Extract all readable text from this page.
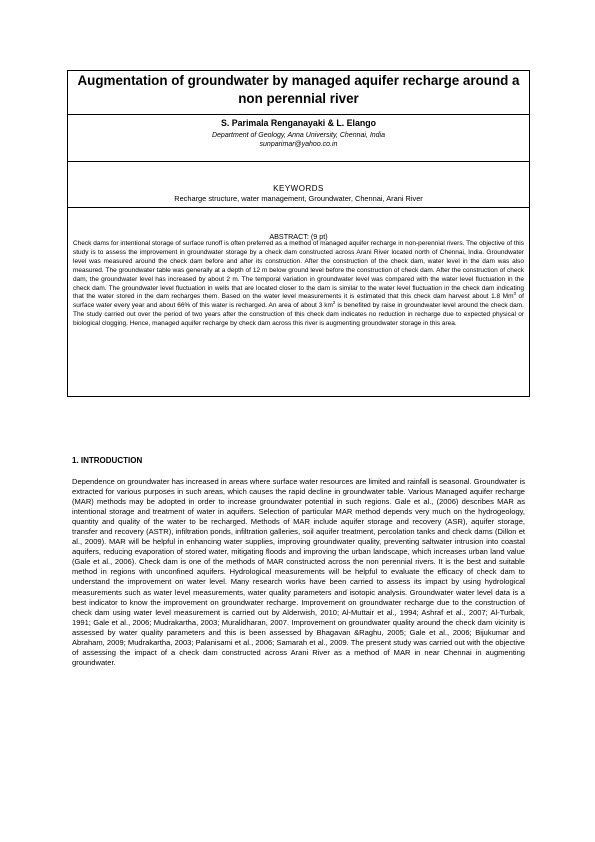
Augmentation of groundwater by managed aquifer recharge around a non perennial river

S. Parimala Renganayaki & L. Elango

Department of Geology, Anna University, Chennai, India

sunparimar@yahoo.co.in

KEYWORDS

Recharge structure, water management, Groundwater, Chennai, Arani River

ABSTRACT: (9 pt)

Check dams for intentional storage of surface runoff is often preferred as a method of managed aquifer recharge in non-perennial rivers. The objective of this study is to assess the improvement in groundwater storage by a check dam constructed across Arani River located north of Chennai, India. Groundwater level was measured around the check dam before and after its construction. After the construction of the check dam, water level in the dam was also measured. The groundwater table was generally at a depth of 12 m below ground level before the construction of check dam. After the construction of check dam, the groundwater level has increased by about 2 m. The temporal variation in groundwater level was compared with the water level fluctuation in the check dam. The groundwater level fluctuation in wells that are located closer to the dam is similar to the water level fluctuation in the check dam indicating that the water stored in the dam recharges them. Based on the water level measurements it is estimated that this check dam harvest about 1.8 Mm$^3$ of surface water every year and about 66% of this water is recharged. An area of about 3 $km^2$ is benefited by raise in groundwater level around the check dam. The study carried out over the period of two years after the construction of this check dam indicates no reduction in recharge due to expected physical or biological clogging. Hence, managed aquifer recharge by check dam across this river is augmenting groundwater storage in this area.

1. INTRODUCTION

Dependence on groundwater has increased in areas where surface water resources are limited and rainfall is seasonal. Groundwater is extracted for various purposes in such areas, which causes the rapid decline in groundwater table. Various Managed aquifer recharge (MAR) methods may be adopted in order to increase groundwater potential in such regions. Gale et al., (2006) describes MAR as intentional storage and treatment of water in aquifers. Selection of particular MAR method depends very much on the hydrogeology, quantity and quality of the water to be recharged. Methods of MAR include aquifer storage and recovery (ASR), aquifer storage, transfer and recovery (ASTR), infiltration ponds, infiltration galleries, soil aquifer treatment, percolation tanks and check dams (Dillon et al., 2009). MAR will be helpful in enhancing water supplies, improving groundwater quality, preventing saltwater intrusion into coastal aquifers, reducing evaporation of stored water, mitigating floods and improving the urban landscape, which increases urban land value (Gale et al., 2006). Check dam is one of the methods of MAR constructed across the non perennial rivers. It is the best and suitable method in regions with unconfined aquifers. Hydrological measurements will be helpful to evaluate the efficacy of check dam to understand the improvement on water level. Many research works have been carried to assess its impact by using hydrological measurements such as water level measurements, water quality parameters and isotopic analysis. Groundwater water level data is a best indicator to know the improvement on groundwater recharge. Improvement on groundwater recharge due to the construction of check dam using water level measurement is carried out by Alderwish, 2010; Al-Muttair et al., 1994; Ashraf et al., 2007; Al-Turbak, 1991; Gale et al., 2006; Mudrakartha, 2003; Muralidharan, 2007. Improvement on groundwater quality around the check dam vicinity is assessed by water quality parameters and this is been assessed by Bhagavan &Raghu, 2005; Gale et al., 2006; Bijukumar and Abraham, 2009; Mudrakartha, 2003; Palanisami et al., 2006; Samarah et al., 2009. The present study was carried out with the objective of assessing the impact of a check dam constructed across Arani River as a method of MAR in near Chennai in augmenting groundwater.
